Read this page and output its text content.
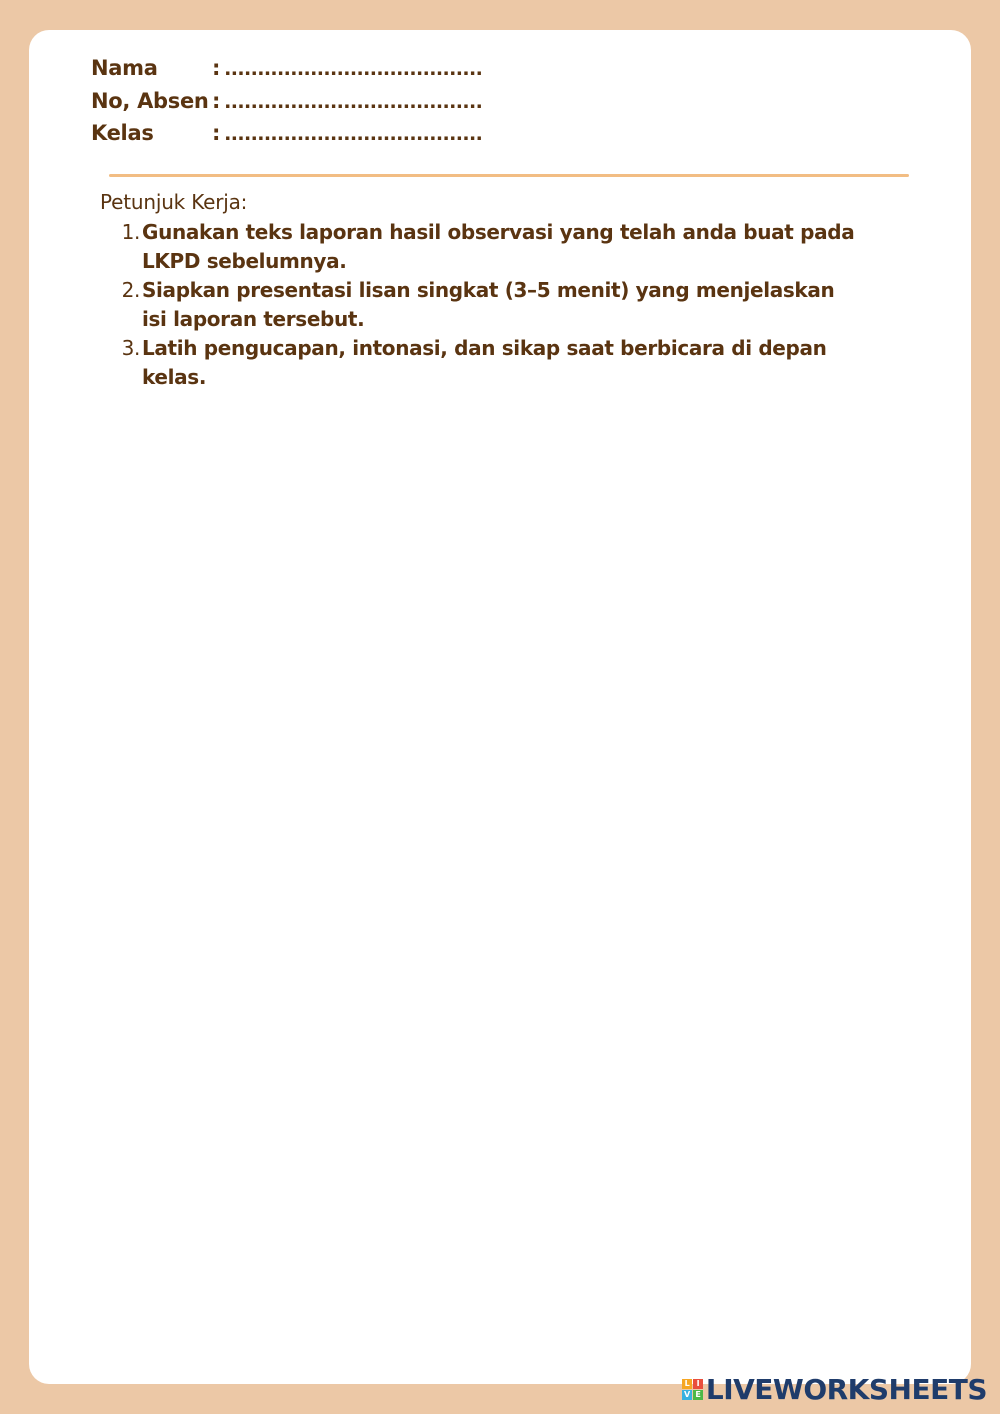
Nama	: .......................................
No, Absen : .......................................
Kelas	: .......................................
Petunjuk Kerja:
1. Gunakan teks laporan hasil observasi yang telah anda buat pada LKPD sebelumnya.
2. Siapkan presentasi lisan singkat (3–5 menit) yang menjelaskan isi laporan tersebut.
3. Latih pengucapan, intonasi, dan sikap saat berbicara di depan kelas.
L I
V E LIVEWORKSHEETS
